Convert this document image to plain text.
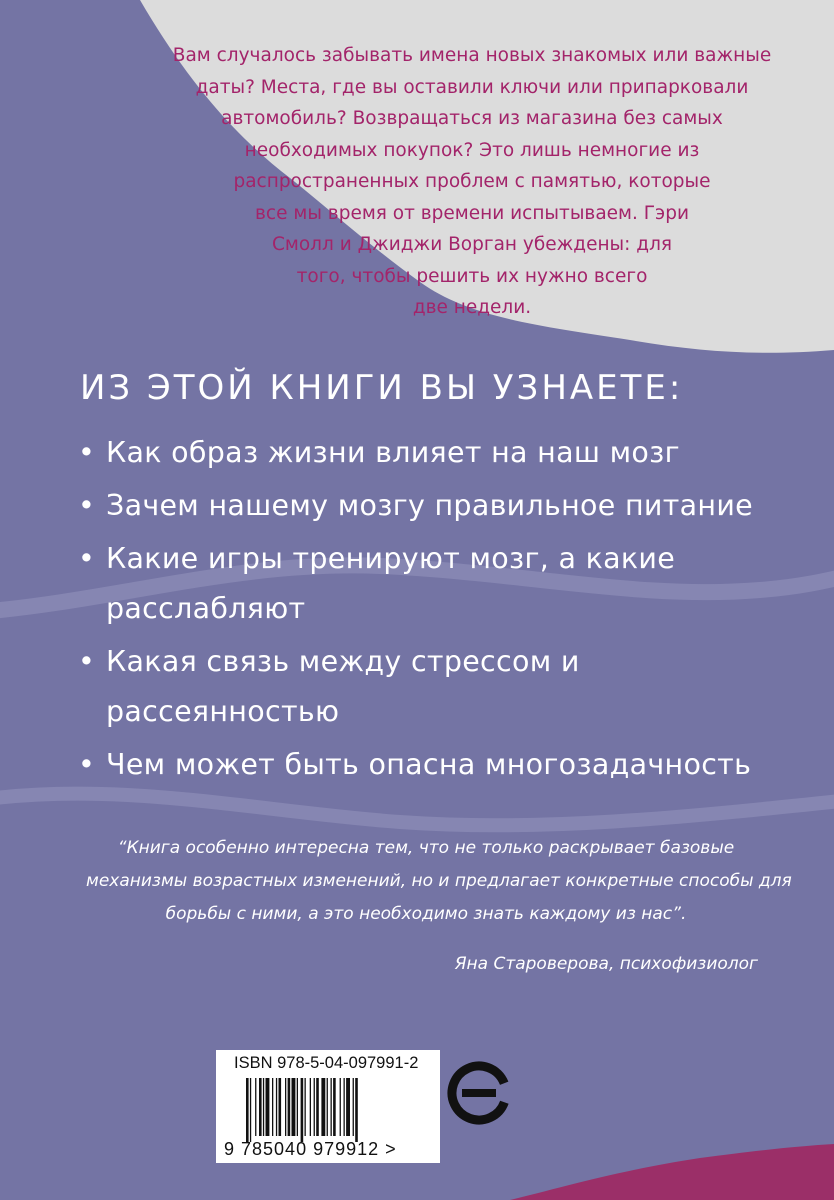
Вам случалось забывать имена новых знакомых или важные
даты? Места, где вы оставили ключи или припарковали
автомобиль? Возвращаться из магазина без самых
необходимых покупок? Это лишь немногие из
распространенных проблем с памятью, которые
все мы время от времени испытываем. Гэри
Смолл и Джиджи Ворган убеждены: для
того, чтобы решить их нужно всего
две недели.
ИЗ ЭТОЙ КНИГИ ВЫ УЗНАЕТЕ:
• Как образ жизни влияет на наш мозг
• Зачем нашему мозгу правильное питание
• Какие игры тренируют мозг, а какие
расслабляют
• Какая связь между стрессом и
рассеянностью
• Чем может быть опасна многозадачность
“Книга особенно интересна тем, что не только раскрывает базовые
механизмы возрастных изменений, но и предлагает конкретные способы для
борьбы с ними, а это необходимо знать каждому из нас”.
Яна Староверова, психофизиолог
ISBN 978-5-04-097991-2
9 785040 979912 >
